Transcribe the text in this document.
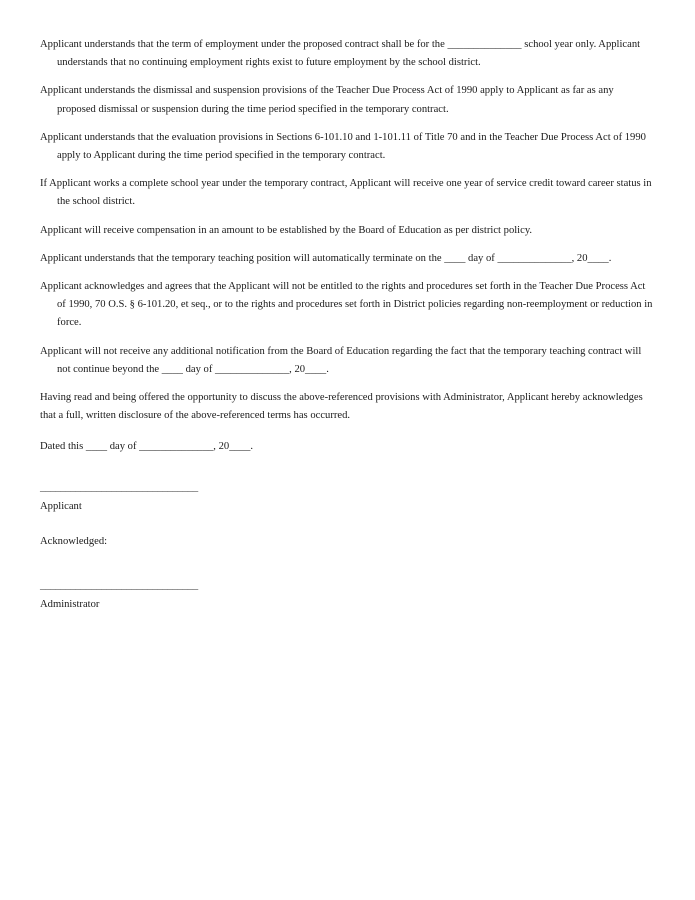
Applicant understands that the term of employment under the proposed contract shall be for the ______________ school year only. Applicant understands that no continuing employment rights exist to future employment by the school district.

Applicant understands the dismissal and suspension provisions of the Teacher Due Process Act of 1990 apply to Applicant as far as any proposed dismissal or suspension during the time period specified in the temporary contract.

Applicant understands that the evaluation provisions in Sections 6-101.10 and 1-101.11 of Title 70 and in the Teacher Due Process Act of 1990 apply to Applicant during the time period specified in the temporary contract.

If Applicant works a complete school year under the temporary contract, Applicant will receive one year of service credit toward career status in the school district.

Applicant will receive compensation in an amount to be established by the Board of Education as per district policy.

Applicant understands that the temporary teaching position will automatically terminate on the ____ day of ______________, 20____.

Applicant acknowledges and agrees that the Applicant will not be entitled to the rights and procedures set forth in the Teacher Due Process Act of 1990, 70 O.S. § 6-101.20, et seq., or to the rights and procedures set forth in District policies regarding non-reemployment or reduction in force.

Applicant will not receive any additional notification from the Board of Education regarding the fact that the temporary teaching contract will not continue beyond the ____ day of ______________, 20____.

Having read and being offered the opportunity to discuss the above-referenced provisions with Administrator, Applicant hereby acknowledges that a full, written disclosure of the above-referenced terms has occurred.

Dated this ____ day of ______________, 20____.

_______________________________
Applicant
Acknowledged:
_______________________________
Administrator
